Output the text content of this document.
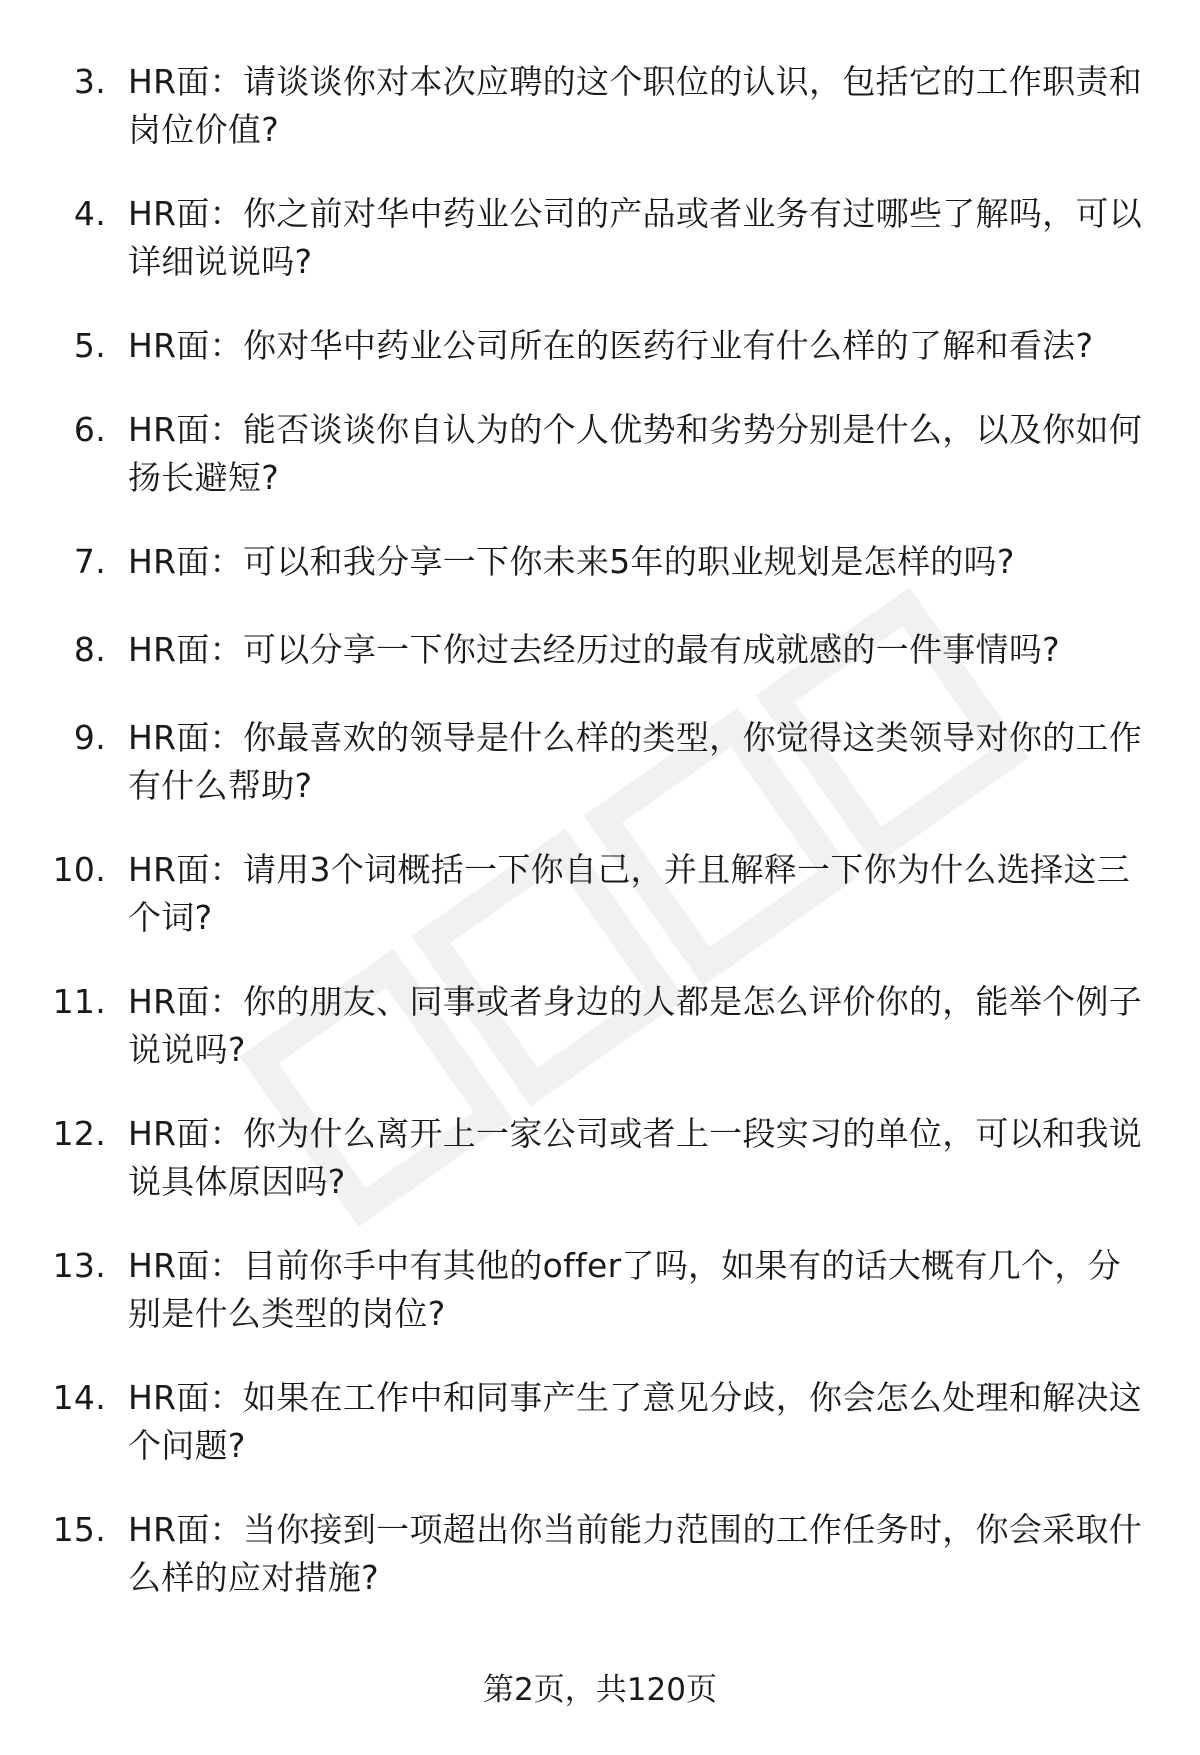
3. HR面：请谈谈你对本次应聘的这个职位的认识，包括它的工作职责和岗位价值?
4. HR面：你之前对华中药业公司的产品或者业务有过哪些了解吗，可以详细说说吗?
5. HR面：你对华中药业公司所在的医药行业有什么样的了解和看法?
6. HR面：能否谈谈你自认为的个人优势和劣势分别是什么，以及你如何扬长避短?
7. HR面：可以和我分享一下你未来5年的职业规划是怎样的吗?
8. HR面：可以分享一下你过去经历过的最有成就感的一件事情吗?
9. HR面：你最喜欢的领导是什么样的类型，你觉得这类领导对你的工作有什么帮助?
10. HR面：请用3个词概括一下你自己，并且解释一下你为什么选择这三个词?
11. HR面：你的朋友、同事或者身边的人都是怎么评价你的，能举个例子说说吗?
12. HR面：你为什么离开上一家公司或者上一段实习的单位，可以和我说说具体原因吗?
13. HR面：目前你手中有其他的offer了吗，如果有的话大概有几个，分别是什么类型的岗位?
14. HR面：如果在工作中和同事产生了意见分歧，你会怎么处理和解决这个问题?
15. HR面：当你接到一项超出你当前能力范围的工作任务时，你会采取什么样的应对措施?
第2页，共120页
